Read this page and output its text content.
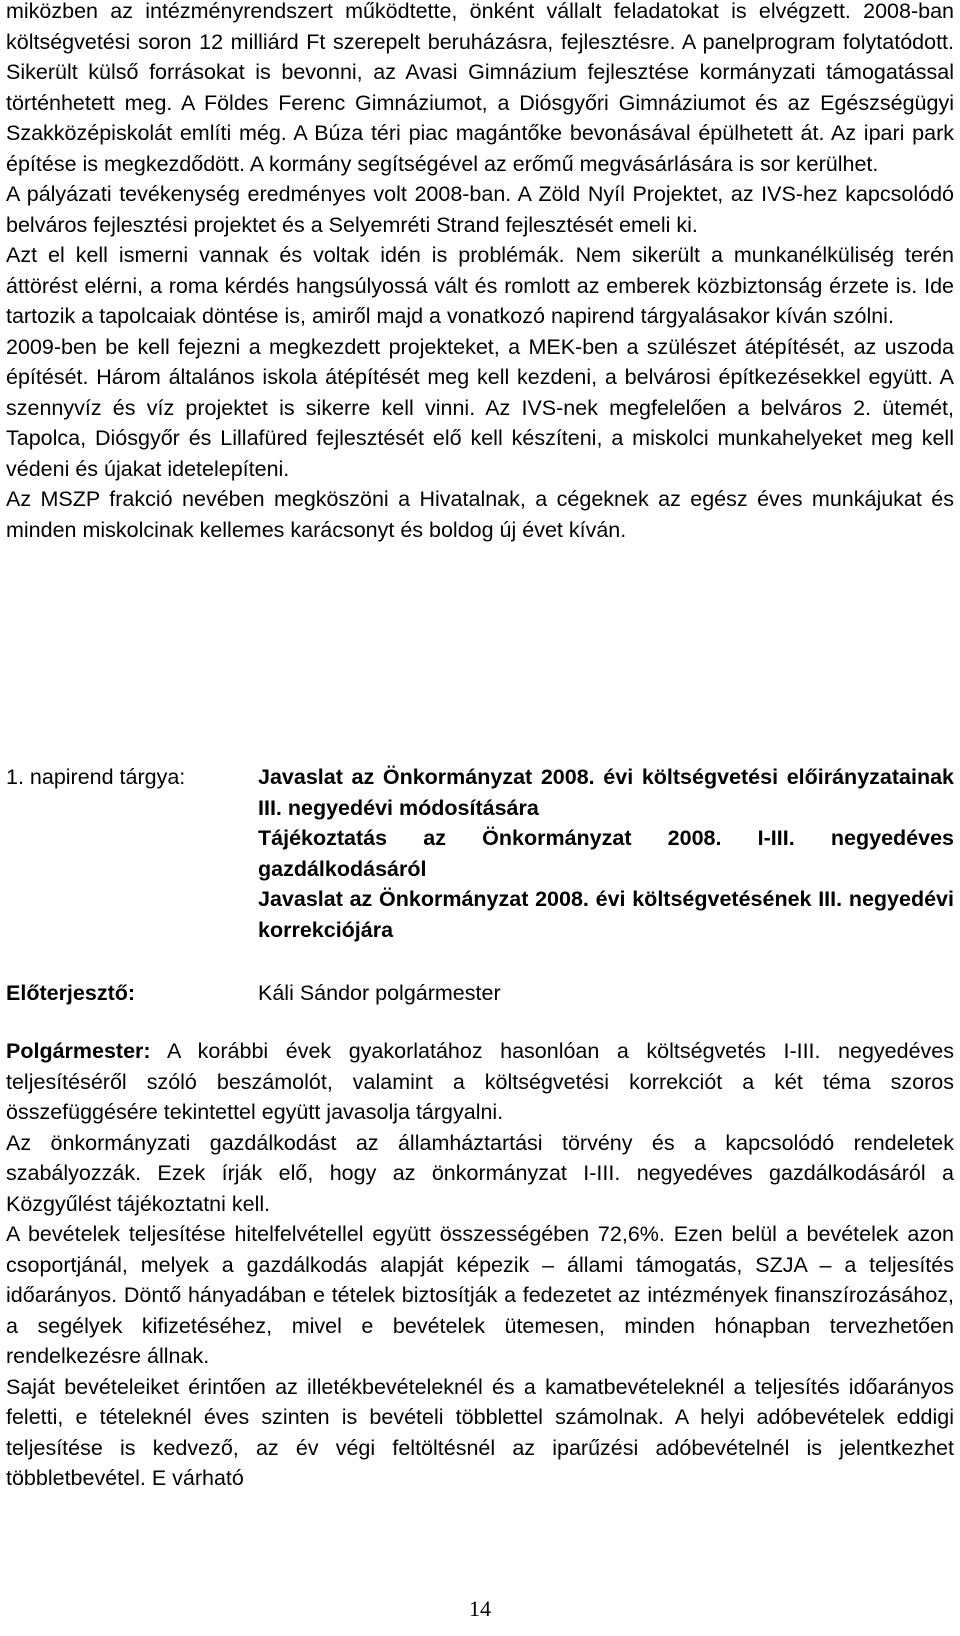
miközben az intézményrendszert működtette, önként vállalt feladatokat is elvégzett. 2008-ban költségvetési soron 12 milliárd Ft szerepelt beruházásra, fejlesztésre. A panelprogram folytatódott. Sikerült külső forrásokat is bevonni, az Avasi Gimnázium fejlesztése kormányzati támogatással történhetett meg. A Földes Ferenc Gimnáziumot, a Diósgyőri Gimnáziumot és az Egészségügyi Szakközépiskolát említi még. A Búza téri piac magántőke bevonásával épülhetett át. Az ipari park építése is megkezdődött. A kormány segítségével az erőmű megvásárlására is sor kerülhet.

A pályázati tevékenység eredményes volt 2008-ban. A Zöld Nyíl Projektet, az IVS-hez kapcsolódó belváros fejlesztési projektet és a Selyemréti Strand fejlesztését emeli ki.

Azt el kell ismerni vannak és voltak idén is problémák. Nem sikerült a munkanélküliség terén áttörést elérni, a roma kérdés hangsúlyossá vált és romlott az emberek közbiztonság érzete is. Ide tartozik a tapolcaiak döntése is, amiről majd a vonatkozó napirend tárgyalásakor kíván szólni.

2009-ben be kell fejezni a megkezdett projekteket, a MEK-ben a szülészet átépítését, az uszoda építését. Három általános iskola átépítését meg kell kezdeni, a belvárosi építkezésekkel együtt. A szennyvíz és víz projektet is sikerre kell vinni. Az IVS-nek megfelelően a belváros 2. ütemét, Tapolca, Diósgyőr és Lillafüred fejlesztését elő kell készíteni, a miskolci munkahelyeket meg kell védeni és újakat idetelepíteni.

Az MSZP frakció nevében megköszöni a Hivatalnak, a cégeknek az egész éves munkájukat és minden miskolcinak kellemes karácsonyt és boldog új évet kíván.

1. napirend tárgya:	Javaslat az Önkormányzat 2008. évi költségvetési előirányzatainak III. negyedévi módosítására
Tájékoztatás az Önkormányzat 2008. I-III. negyedéves gazdálkodásáról
Javaslat az Önkormányzat 2008. évi költségvetésének III. negyedévi korrekciójára
Előterjesztő:	Káli Sándor polgármester

Polgármester: A korábbi évek gyakorlatához hasonlóan a költségvetés I-III. negyedéves teljesítéséről szóló beszámolót, valamint a költségvetési korrekciót a két téma szoros összefüggésére tekintettel együtt javasolja tárgyalni.

Az önkormányzati gazdálkodást az államháztartási törvény és a kapcsolódó rendeletek szabályozzák. Ezek írják elő, hogy az önkormányzat I-III. negyedéves gazdálkodásáról a Közgyűlést tájékoztatni kell.

A bevételek teljesítése hitelfelvétellel együtt összességében 72,6%. Ezen belül a bevételek azon csoportjánál, melyek a gazdálkodás alapját képezik – állami támogatás, SZJA – a teljesítés időarányos. Döntő hányadában e tételek biztosítják a fedezetet az intézmények finanszírozásához, a segélyek kifizetéséhez, mivel e bevételek ütemesen, minden hónapban tervezhetően rendelkezésre állnak.

Saját bevételeiket érintően az illetékbevételeknél és a kamatbevételeknél a teljesítés időarányos feletti, e tételeknél éves szinten is bevételi többlettel számolnak. A helyi adóbevételek eddigi teljesítése is kedvező, az év végi feltöltésnél az iparűzési adóbevételnél is jelentkezhet többletbevétel. E várható

14
